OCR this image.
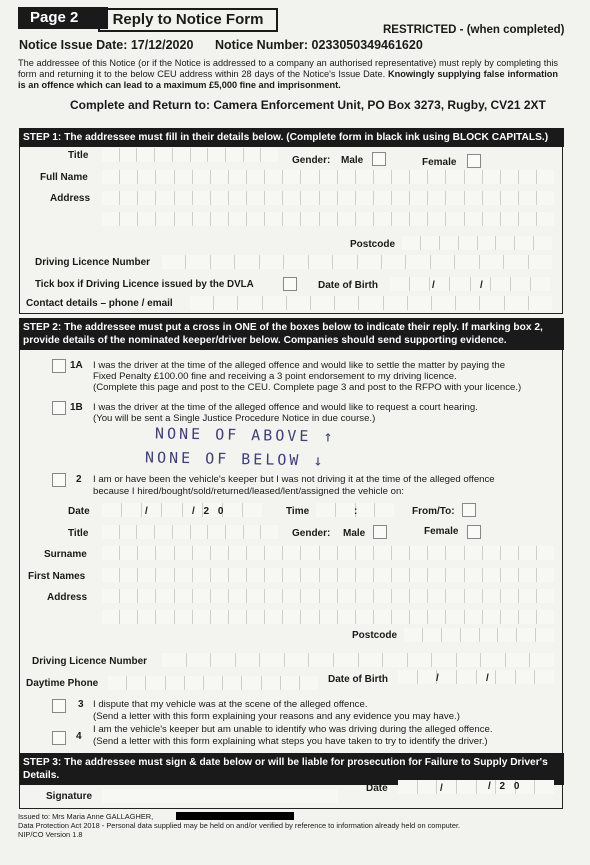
Page 2	Reply to Notice Form
RESTRICTED - (when completed)
Notice Issue Date: 17/12/2020 Notice Number: 023305034946162​0
The addressee of this Notice (or if the Notice is addressed to a company an authorised representative) must reply by completing this form and returning it to the below CEU address within 28 days of the Notice's Issue Date. Knowingly supplying false information is an offence which can lead to a maximum £5,000 fine and imprisonment.
Complete and Return to: Camera Enforcement Unit, PO Box 3273, Rugby, CV21 2XT
STEP 1: The addressee must fill in their details below. (Complete form in black ink using BLOCK CAPITALS.)
Title	Gender: Male	Female
Full Name
Address
Postcode
Driving Licence Number
Tick box if Driving Licence issued by the DVLA	Date of Birth	/	/
Contact details – phone / email
STEP 2: The addressee must put a cross in ONE of the boxes below to indicate their reply. If marking box 2, provide details of the nominated keeper/driver below. Companies should send supporting evidence.
1A I was the driver at the time of the alleged offence and would like to settle the matter by paying the
Fixed Penalty £100.00 fine and receiving a 3 point endorsement to my driving licence.
(Complete this page and post to the CEU. Complete page 3 and post to the RFPO with your licence.)
1B I was the driver at the time of the alleged offence and would like to request a court hearing.
(You will be sent a Single Justice Procedure Notice in due course.)
NONE OF ABOVE ↑
NONE OF BELOW ↓
2 I am or have been the vehicle's keeper but I was not driving it at the time of the alleged offence
because I hired/bought/sold/returned/leased/lent/assigned the vehicle on:
Date	/	/ 2 0	Time	:	From/To:
Title	Gender: Male	Female
Surname
First Names
Address
Postcode
Driving Licence Number
Date of Birth	/	/
Daytime Phone
3 I dispute that my vehicle was at the scene of the alleged offence.
(Send a letter with this form explaining your reasons and any evidence you may have.)
4
I am the vehicle's keeper but am unable to identify who was driving during the alleged offence.
(Send a letter with this form explaining what steps you have taken to try to identify the driver.)
STEP 3: The addressee must sign & date below or will be liable for prosecution for Failure to Supply Driver's Details.
Signature
Date	/	/ 2 0
Issued to: Mrs Maria Anne GALLAGHER,
Data Protection Act 2018 - Personal data supplied may be held on and/or verified by reference to information already held on computer.
NIP/CO Version 1.8
